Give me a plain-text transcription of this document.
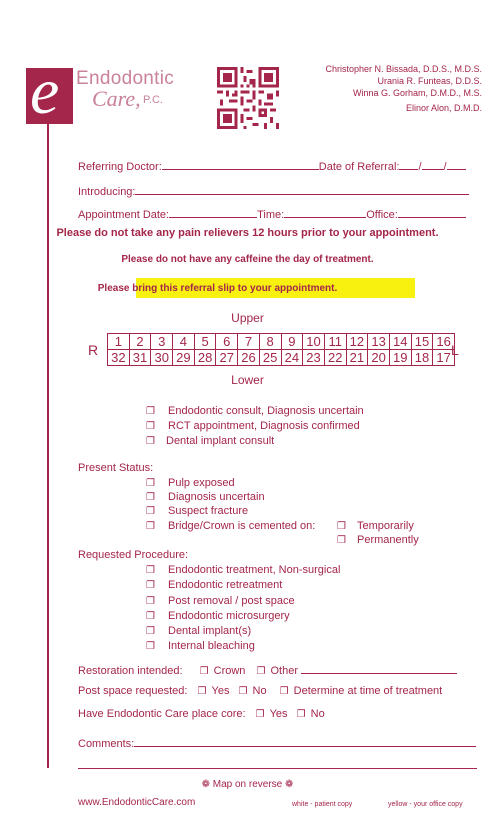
e Endodontic
Care, P.C.
Christopher N. Bissada, D.D.S., M.D.S.
Urania R. Funteas, D.D.S.
Winna G. Gorham, D.M.D., M.S.
Elinor Alon, D.M.D.
Referring Doctor:	Date of Referral: / /
Introducing:
Appointment Date:	Time:	Office:
Please do not take any pain relievers 12 hours prior to your appointment.
Please do not have any caffeine the day of treatment.
Please bring this referral slip to your appointment.
Upper
R	L
1	2	3	4	5	6	7	8	9	10	11	12	13	14	15	16
32	31	30	29	28	27	26	25	24	23	22	21	20	19	18	17
Lower
❐ Endodontic consult, Diagnosis uncertain
❐ RCT appointment, Diagnosis confirmed
❐ Dental implant consult
Present Status:
❐ Pulp exposed
❐ Diagnosis uncertain
❐ Suspect fracture
❐ Bridge/Crown is cemented on: ❐ Temporarily
❐ Permanently
Requested Procedure:
❐ Endodontic treatment, Non-surgical
❐ Endodontic retreatment
❐ Post removal / post space
❐ Endodontic microsurgery
❐ Dental implant(s)
❐ Internal bleaching
Restoration intended: ❐ Crown ❐ Other
Post space requested: ❐ Yes ❐ No ❐ Determine at time of treatment
Have Endodontic Care place core: ❐ Yes ❐ No
Comments:
❁ Map on reverse ❁
www.EndodonticCare.com	white - patient copy	yellow - your office copy
